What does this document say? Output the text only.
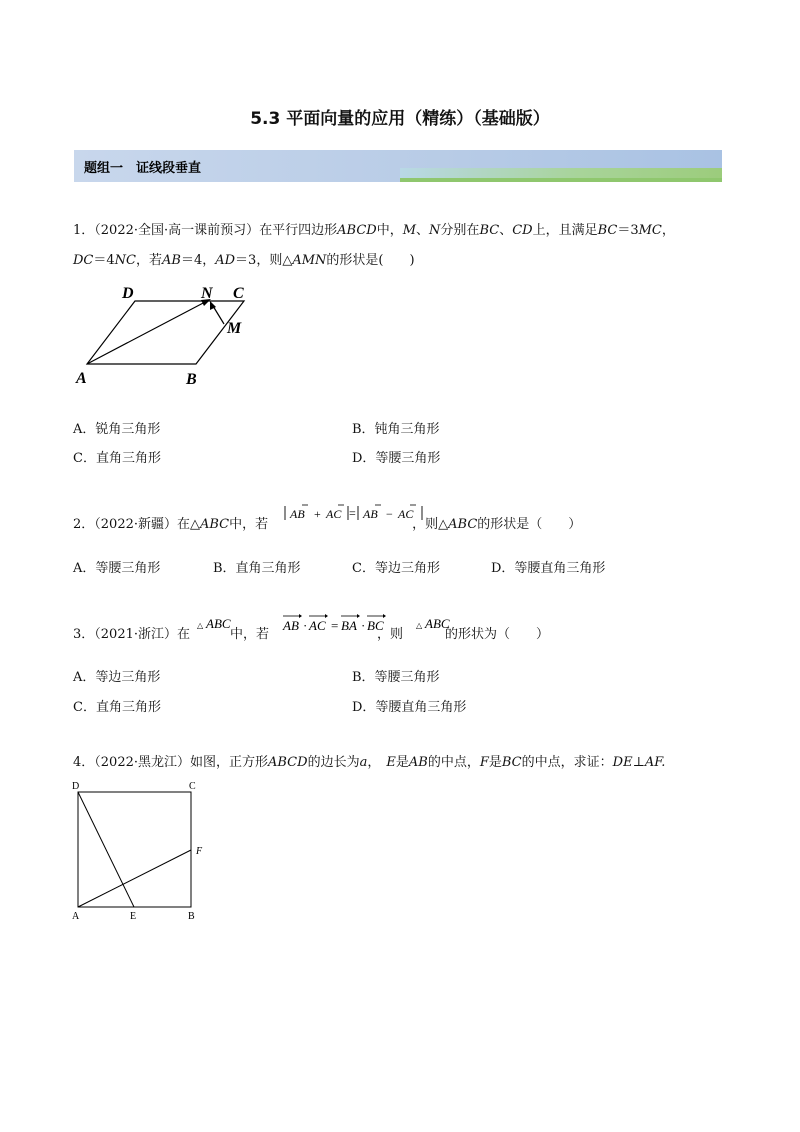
5.3 平面向量的应用（精练）（基础版）
题组一　证线段垂直
1．（2022·全国·高一课前预习）在平行四边形ABCD中，M、N分别在BC、CD上，且满足BC＝3MC，
DC＝4NC，若AB＝4，AD＝3，则△AMN的形状是(　　)
D	N C
M
A	B
A．锐角三角形	B．钝角三角形
C．直角三角形	D．等腰三角形
2．（2022·新疆）在△ABC中，若	，则△ABC的形状是（　　）
AB + AC = AB − AC
A．等腰三角形	B．直角三角形	C．等边三角形	D．等腰直角三角形
3．（2021·浙江）在	中，若	，则	的形状为（　　）
△ ABC	AB · AC = BA · BC	△ ABC
A．等边三角形	B．等腰三角形
C．直角三角形	D．等腰直角三角形
4．（2022·黑龙江）如图，正方形ABCD的边长为a， E是AB的中点，F是BC的中点，求证：DE⊥AF.
D	C
F
A	E	B
